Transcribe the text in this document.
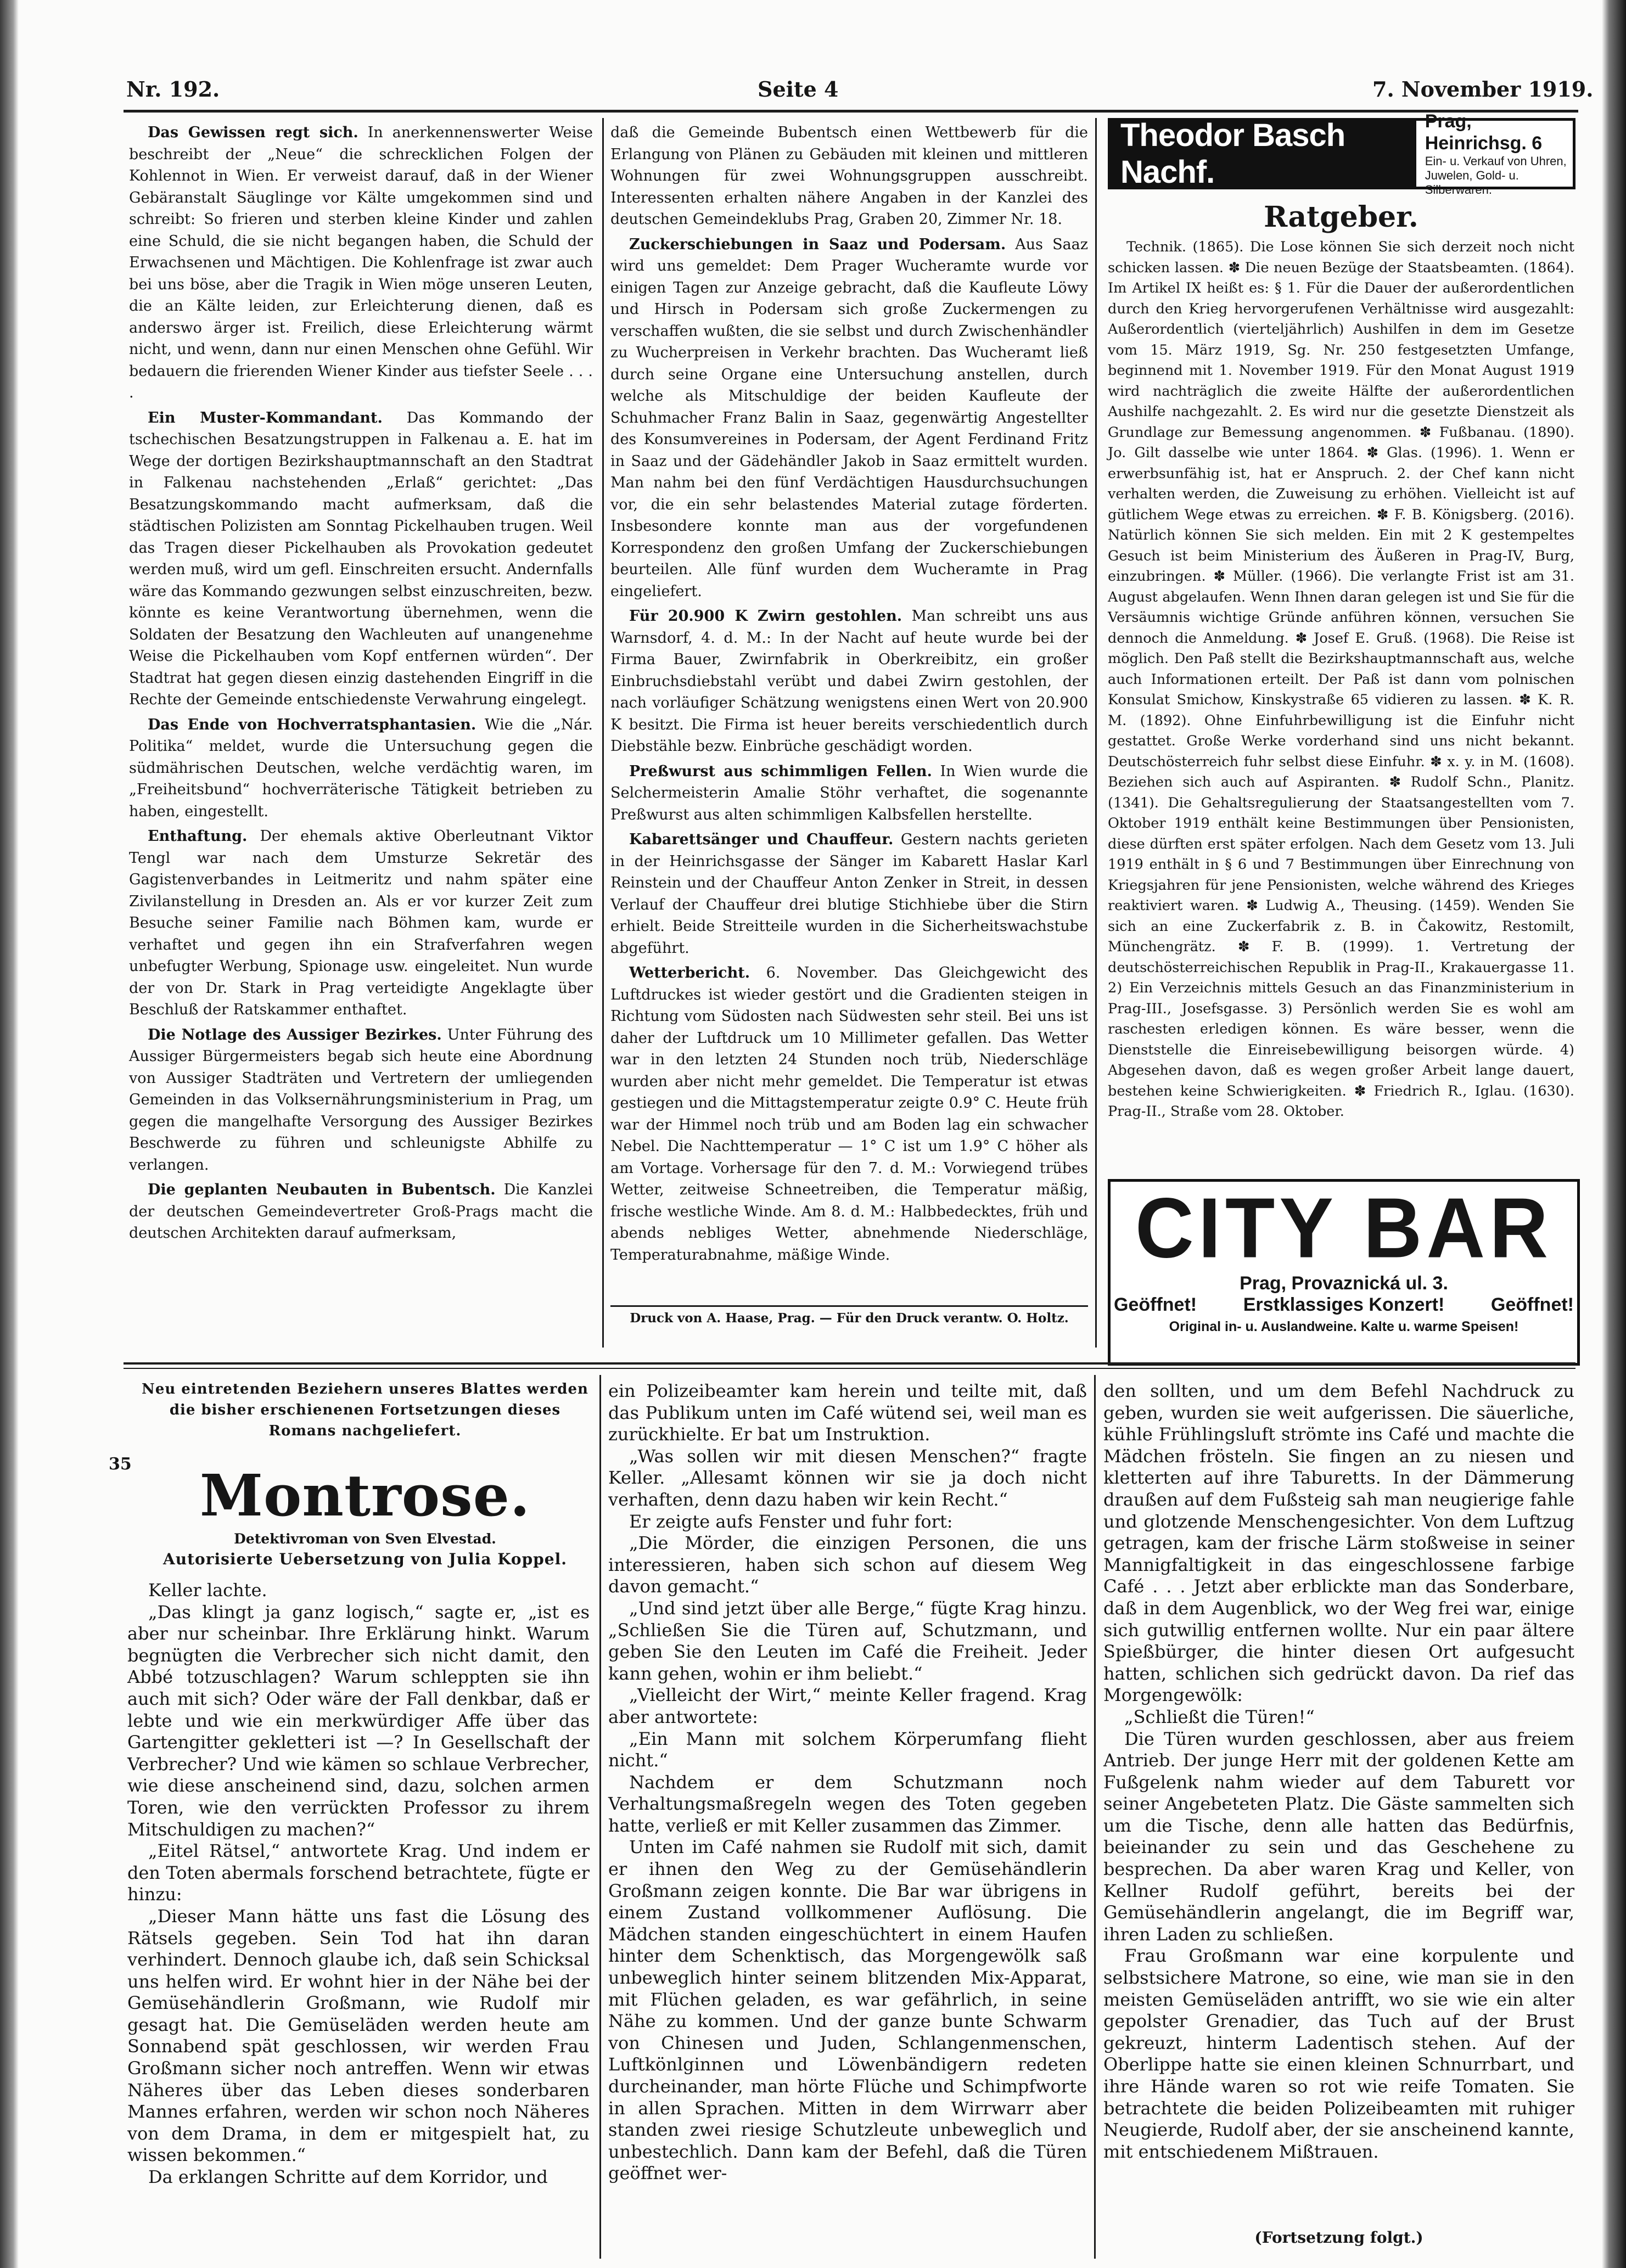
Nr. 192.	Seite 4	7. November 1919.

Das Gewissen regt sich. In anerkennenswerter Weise beschreibt der „Neue“ die schrecklichen Folgen der Kohlennot in Wien. Er verweist darauf, daß in der Wiener Gebäranstalt Säuglinge vor Kälte umgekommen sind und schreibt: So frieren und sterben kleine Kinder und zahlen eine Schuld, die sie nicht begangen haben, die Schuld der Erwachsenen und Mächtigen. Die Kohlenfrage ist zwar auch bei uns böse, aber die Tragik in Wien möge unseren Leuten, die an Kälte leiden, zur Erleichterung dienen, daß es anderswo ärger ist. Freilich, diese Erleichterung wärmt nicht, und wenn, dann nur einen Menschen ohne Gefühl. Wir bedauern die frierenden Wiener Kinder aus tiefster Seele . . . .

Ein Muster-Kommandant. Das Kommando der tschechischen Besatzungstruppen in Falkenau a. E. hat im Wege der dortigen Bezirkshauptmannschaft an den Stadtrat in Falkenau nachstehenden „Erlaß“ gerichtet: „Das Besatzungskommando macht aufmerksam, daß die städtischen Polizisten am Sonntag Pickelhauben trugen. Weil das Tragen dieser Pickelhauben als Provokation gedeutet werden muß, wird um gefl. Einschreiten ersucht. Andernfalls wäre das Kommando gezwungen selbst einzuschreiten, bezw. könnte es keine Verantwortung übernehmen, wenn die Soldaten der Besatzung den Wachleuten auf unangenehme Weise die Pickelhauben vom Kopf entfernen würden“. Der Stadtrat hat gegen diesen einzig dastehenden Eingriff in die Rechte der Gemeinde entschiedenste Verwahrung eingelegt.

Das Ende von Hochverratsphantasien. Wie die „Nár. Politika“ meldet, wurde die Untersuchung gegen die südmährischen Deutschen, welche verdächtig waren, im „Freiheitsbund“ hochverräterische Tätigkeit betrieben zu haben, eingestellt.

Enthaftung. Der ehemals aktive Oberleutnant Viktor Tengl war nach dem Umsturze Sekretär des Gagistenverbandes in Leitmeritz und nahm später eine Zivilanstellung in Dresden an. Als er vor kurzer Zeit zum Besuche seiner Familie nach Böhmen kam, wurde er verhaftet und gegen ihn ein Strafverfahren wegen unbefugter Werbung, Spionage usw. eingeleitet. Nun wurde der von Dr. Stark in Prag verteidigte Angeklagte über Beschluß der Ratskammer enthaftet.

Die Notlage des Aussiger Bezirkes. Unter Führung des Aussiger Bürgermeisters begab sich heute eine Abordnung von Aussiger Stadträten und Vertretern der umliegenden Gemeinden in das Volksernährungsministerium in Prag, um gegen die mangelhafte Versorgung des Aussiger Bezirkes Beschwerde zu führen und schleunigste Abhilfe zu verlangen.

Die geplanten Neubauten in Bubentsch. Die Kanzlei der deutschen Gemeindevertreter Groß-Prags macht die deutschen Architekten darauf aufmerksam,

daß die Gemeinde Bubentsch einen Wettbewerb für die Erlangung von Plänen zu Gebäuden mit kleinen und mittleren Wohnungen für zwei Wohnungsgruppen ausschreibt. Interessenten erhalten nähere Angaben in der Kanzlei des deutschen Gemeindeklubs Prag, Graben 20, Zimmer Nr. 18.

Zuckerschiebungen in Saaz und Podersam. Aus Saaz wird uns gemeldet: Dem Prager Wucheramte wurde vor einigen Tagen zur Anzeige gebracht, daß die Kaufleute Löwy und Hirsch in Podersam sich große Zuckermengen zu verschaffen wußten, die sie selbst und durch Zwischenhändler zu Wucherpreisen in Verkehr brachten. Das Wucheramt ließ durch seine Organe eine Untersuchung anstellen, durch welche als Mitschuldige der beiden Kaufleute der Schuhmacher Franz Balin in Saaz, gegenwärtig Angestellter des Konsumvereines in Podersam, der Agent Ferdinand Fritz in Saaz und der Gädehändler Jakob in Saaz ermittelt wurden. Man nahm bei den fünf Verdächtigen Hausdurchsuchungen vor, die ein sehr belastendes Material zutage förderten. Insbesondere konnte man aus der vorgefundenen Korrespondenz den großen Umfang der Zuckerschiebungen beurteilen. Alle fünf wurden dem Wucheramte in Prag eingeliefert.

Für 20.900 K Zwirn gestohlen. Man schreibt uns aus Warnsdorf, 4. d. M.: In der Nacht auf heute wurde bei der Firma Bauer, Zwirnfabrik in Oberkreibitz, ein großer Einbruchsdiebstahl verübt und dabei Zwirn gestohlen, der nach vorläufiger Schätzung wenigstens einen Wert von 20.900 K besitzt. Die Firma ist heuer bereits verschiedentlich durch Diebstähle bezw. Einbrüche geschädigt worden.

Preßwurst aus schimmligen Fellen. In Wien wurde die Selchermeisterin Amalie Stöhr verhaftet, die sogenannte Preßwurst aus alten schimmligen Kalbsfellen herstellte.

Kabarettsänger und Chauffeur. Gestern nachts gerieten in der Heinrichsgasse der Sänger im Kabarett Haslar Karl Reinstein und der Chauffeur Anton Zenker in Streit, in dessen Verlauf der Chauffeur drei blutige Stichhiebe über die Stirn erhielt. Beide Streitteile wurden in die Sicherheitswachstube abgeführt.

Wetterbericht. 6. November. Das Gleichgewicht des Luftdruckes ist wieder gestört und die Gradienten steigen in Richtung vom Südosten nach Südwesten sehr steil. Bei uns ist daher der Luftdruck um 10 Millimeter gefallen. Das Wetter war in den letzten 24 Stunden noch trüb, Niederschläge wurden aber nicht mehr gemeldet. Die Temperatur ist etwas gestiegen und die Mittagstemperatur zeigte 0.9° C. Heute früh war der Himmel noch trüb und am Boden lag ein schwacher Nebel. Die Nachttemperatur — 1° C ist um 1.9° C höher als am Vortage. Vorhersage für den 7. d. M.: Vorwiegend trübes Wetter, zeitweise Schneetreiben, die Temperatur mäßig, frische westliche Winde. Am 8. d. M.: Halbbedecktes, früh und abends nebliges Wetter, abnehmende Niederschläge, Temperaturabnahme, mäßige Winde.

Druck von A. Haase, Prag. — Für den Druck verantw. O. Holtz.
Theodor Basch Nachf.
Prag, Heinrichsg. 6
Ein- u. Verkauf von Uhren,
Juwelen, Gold- u. Silberwaren.
Ratgeber.

Technik. (1865). Die Lose können Sie sich derzeit noch nicht schicken lassen. ✽ Die neuen Bezüge der Staatsbeamten. (1864). Im Artikel IX heißt es: § 1. Für die Dauer der außerordentlichen durch den Krieg hervorgerufenen Verhältnisse wird ausgezahlt: Außerordentlich (vierteljährlich) Aushilfen in dem im Gesetze vom 15. März 1919, Sg. Nr. 250 festgesetzten Umfange, beginnend mit 1. November 1919. Für den Monat August 1919 wird nachträglich die zweite Hälfte der außerordentlichen Aushilfe nachgezahlt. 2. Es wird nur die gesetzte Dienstzeit als Grundlage zur Bemessung angenommen. ✽ Fußbanau. (1890). Jo. Gilt dasselbe wie unter 1864. ✽ Glas. (1996). 1. Wenn er erwerbsunfähig ist, hat er Anspruch. 2. der Chef kann nicht verhalten werden, die Zuweisung zu erhöhen. Vielleicht ist auf gütlichem Wege etwas zu erreichen. ✽ F. B. Königsberg. (2016). Natürlich können Sie sich melden. Ein mit 2 K gestempeltes Gesuch ist beim Ministerium des Äußeren in Prag-IV, Burg, einzubringen. ✽ Müller. (1966). Die verlangte Frist ist am 31. August abgelaufen. Wenn Ihnen daran gelegen ist und Sie für die Versäumnis wichtige Gründe anführen können, versuchen Sie dennoch die Anmeldung. ✽ Josef E. Gruß. (1968). Die Reise ist möglich. Den Paß stellt die Bezirkshauptmannschaft aus, welche auch Informationen erteilt. Der Paß ist dann vom polnischen Konsulat Smichow, Kinskystraße 65 vidieren zu lassen. ✽ K. R. M. (1892). Ohne Einfuhrbewilligung ist die Einfuhr nicht gestattet. Große Werke vorderhand sind uns nicht bekannt. Deutschösterreich fuhr selbst diese Einfuhr. ✽ x. y. in M. (1608). Beziehen sich auch auf Aspiranten. ✽ Rudolf Schn., Planitz. (1341). Die Gehaltsregulierung der Staatsangestellten vom 7. Oktober 1919 enthält keine Bestimmungen über Pensionisten, diese dürften erst später erfolgen. Nach dem Gesetz vom 13. Juli 1919 enthält in § 6 und 7 Bestimmungen über Einrechnung von Kriegsjahren für jene Pensionisten, welche während des Krieges reaktiviert waren. ✽ Ludwig A., Theusing. (1459). Wenden Sie sich an eine Zuckerfabrik z. B. in Čakowitz, Restomilt, Münchengrätz. ✽ F. B. (1999). 1. Vertretung der deutschösterreichischen Republik in Prag-II., Krakauergasse 11. 2) Ein Verzeichnis mittels Gesuch an das Finanzministerium in Prag-III., Josefsgasse. 3) Persönlich werden Sie es wohl am raschesten erledigen können. Es wäre besser, wenn die Dienststelle die Einreisebewilligung beisorgen würde. 4) Abgesehen davon, daß es wegen großer Arbeit lange dauert, bestehen keine Schwierigkeiten. ✽ Friedrich R., Iglau. (1630). Prag-II., Straße vom 28. Oktober.

CITY BAR
Prag, Provaznická ul. 3.
Geöffnet! Erstklassiges Konzert! Geöffnet!
Original in- u. Auslandweine. Kalte u. warme Speisen!
Neu eintretenden Beziehern unseres Blattes werden die bisher erschienenen Fortsetzungen dieses Romans nachgeliefert.
35	Montrose.
Detektivroman von Sven Elvestad.
Autorisierte Uebersetzung von Julia Koppel.

Keller lachte.

„Das klingt ja ganz logisch,“ sagte er, „ist es aber nur scheinbar. Ihre Erklärung hinkt. Warum begnügten die Verbrecher sich nicht damit, den Abbé totzuschlagen? Warum schleppten sie ihn auch mit sich? Oder wäre der Fall denkbar, daß er lebte und wie ein merkwürdiger Affe über das Gartengitter gekletteri ist —? In Gesellschaft der Verbrecher? Und wie kämen so schlaue Verbrecher, wie diese anscheinend sind, dazu, solchen armen Toren, wie den verrückten Professor zu ihrem Mitschuldigen zu machen?“

„Eitel Rätsel,“ antwortete Krag. Und indem er den Toten abermals forschend betrachtete, fügte er hinzu:

„Dieser Mann hätte uns fast die Lösung des Rätsels gegeben. Sein Tod hat ihn daran verhindert. Dennoch glaube ich, daß sein Schicksal uns helfen wird. Er wohnt hier in der Nähe bei der Gemüsehändlerin Großmann, wie Rudolf mir gesagt hat. Die Gemüseläden werden heute am Sonnabend spät geschlossen, wir werden Frau Großmann sicher noch antreffen. Wenn wir etwas Näheres über das Leben dieses sonderbaren Mannes erfahren, werden wir schon noch Näheres von dem Drama, in dem er mitgespielt hat, zu wissen bekommen.“

Da erklangen Schritte auf dem Korridor, und

ein Polizeibeamter kam herein und teilte mit, daß das Publikum unten im Café wütend sei, weil man es zurückhielte. Er bat um Instruktion.

„Was sollen wir mit diesen Menschen?“ fragte Keller. „Allesamt können wir sie ja doch nicht verhaften, denn dazu haben wir kein Recht.“

Er zeigte aufs Fenster und fuhr fort:

„Die Mörder, die einzigen Personen, die uns interessieren, haben sich schon auf diesem Weg davon gemacht.“

„Und sind jetzt über alle Berge,“ fügte Krag hinzu. „Schließen Sie die Türen auf, Schutzmann, und geben Sie den Leuten im Café die Freiheit. Jeder kann gehen, wohin er ihm beliebt.“

„Vielleicht der Wirt,“ meinte Keller fragend. Krag aber antwortete:

„Ein Mann mit solchem Körperumfang flieht nicht.“

Nachdem er dem Schutzmann noch Verhaltungsmaßregeln wegen des Toten gegeben hatte, verließ er mit Keller zusammen das Zimmer.

Unten im Café nahmen sie Rudolf mit sich, damit er ihnen den Weg zu der Gemüsehändlerin Großmann zeigen konnte. Die Bar war übrigens in einem Zustand vollkommener Auflösung. Die Mädchen standen eingeschüchtert in einem Haufen hinter dem Schenktisch, das Morgengewölk saß unbeweglich hinter seinem blitzenden Mix-Apparat, mit Flüchen geladen, es war gefährlich, in seine Nähe zu kommen. Und der ganze bunte Schwarm von Chinesen und Juden, Schlangenmenschen, Luftkönlginnen und Löwenbändigern redeten durcheinander, man hörte Flüche und Schimpfworte in allen Sprachen. Mitten in dem Wirrwarr aber standen zwei riesige Schutzleute unbeweglich und unbestechlich. Dann kam der Befehl, daß die Türen geöffnet wer-

den sollten, und um dem Befehl Nachdruck zu geben, wurden sie weit aufgerissen. Die säuerliche, kühle Frühlingsluft strömte ins Café und machte die Mädchen frösteln. Sie fingen an zu niesen und kletterten auf ihre Taburetts. In der Dämmerung draußen auf dem Fußsteig sah man neugierige fahle und glotzende Menschengesichter. Von dem Luftzug getragen, kam der frische Lärm stoßweise in seiner Mannigfaltigkeit in das eingeschlossene farbige Café . . . Jetzt aber erblickte man das Sonderbare, daß in dem Augenblick, wo der Weg frei war, einige sich gutwillig entfernen wollte. Nur ein paar ältere Spießbürger, die hinter diesen Ort aufgesucht hatten, schlichen sich gedrückt davon. Da rief das Morgengewölk:

„Schließt die Türen!“

Die Türen wurden geschlossen, aber aus freiem Antrieb. Der junge Herr mit der goldenen Kette am Fußgelenk nahm wieder auf dem Taburett vor seiner Angebeteten Platz. Die Gäste sammelten sich um die Tische, denn alle hatten das Bedürfnis, beieinander zu sein und das Geschehene zu besprechen. Da aber waren Krag und Keller, von Kellner Rudolf geführt, bereits bei der Gemüsehändlerin angelangt, die im Begriff war, ihren Laden zu schließen.

Frau Großmann war eine korpulente und selbstsichere Matrone, so eine, wie man sie in den meisten Gemüseläden antrifft, wo sie wie ein alter gepolster Grenadier, das Tuch auf der Brust gekreuzt, hinterm Ladentisch stehen. Auf der Oberlippe hatte sie einen kleinen Schnurrbart, und ihre Hände waren so rot wie reife Tomaten. Sie betrachtete die beiden Polizeibeamten mit ruhiger Neugierde, Rudolf aber, der sie anscheinend kannte, mit entschiedenem Mißtrauen.

(Fortsetzung folgt.)
